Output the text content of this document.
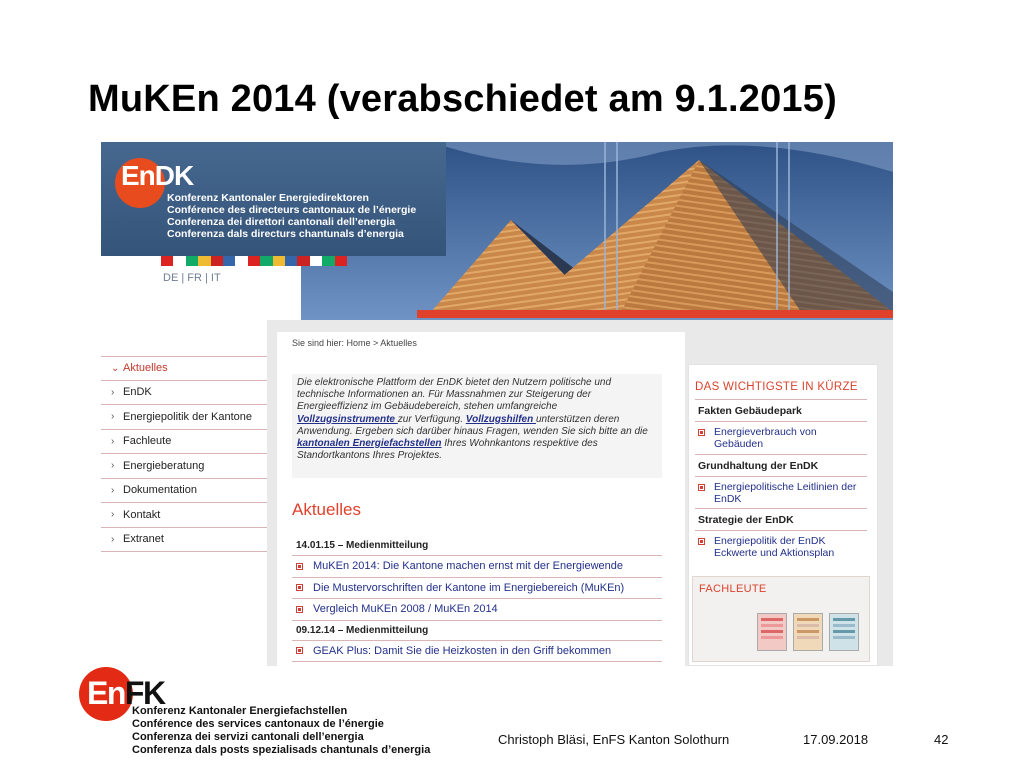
MuKEn 2014 (verabschiedet am 9.1.2015)
EnDK
Konferenz Kantonaler Energiedirektoren
Conférence des directeurs cantonaux de l’énergie
Conferenza dei direttori cantonali dell’energia
Conferenza dals directurs chantunals d’energia
DE | FR | IT
⌄ Aktuelles
› EnDK
› Energiepolitik der Kantone
› Fachleute
› Energieberatung
› Dokumentation
› Kontakt
› Extranet
Sie sind hier: Home > Aktuelles
Die elektronische Plattform der EnDK bietet den Nutzern politische und technische Informationen an. Für Massnahmen zur Steigerung der Energieeffizienz im Gebäudebereich, stehen umfangreiche Vollzugsinstrumente zur Verfügung. Vollzugshilfen unterstützen deren Anwendung. Ergeben sich darüber hinaus Fragen, wenden Sie sich bitte an die kantonalen Energiefachstellen Ihres Wohnkantons respektive des Standortkantons Ihres Projektes.
Aktuelles
14.01.15 – Medienmitteilung
MuKEn 2014: Die Kantone machen ernst mit der Energiewende
Die Mustervorschriften der Kantone im Energiebereich (MuKEn)
Vergleich MuKEn 2008 / MuKEn 2014
09.12.14 – Medienmitteilung
GEAK Plus: Damit Sie die Heizkosten in den Griff bekommen
DAS WICHTIGSTE IN KÜRZE
Fakten Gebäudepark
Energieverbrauch von
Gebäuden
Grundhaltung der EnDK
Energiepolitische Leitlinien der
EnDK
Strategie der EnDK
Energiepolitik der EnDK
Eckwerte und Aktionsplan
FACHLEUTE
EnFK
Konferenz Kantonaler Energiefachstellen
Conférence des services cantonaux de l’énergie
Conferenza dei servizi cantonali dell’energia
Conferenza dals posts spezialisads chantunals d’energia
Christoph Bläsi, EnFS Kanton Solothurn	17.09.2018	42
